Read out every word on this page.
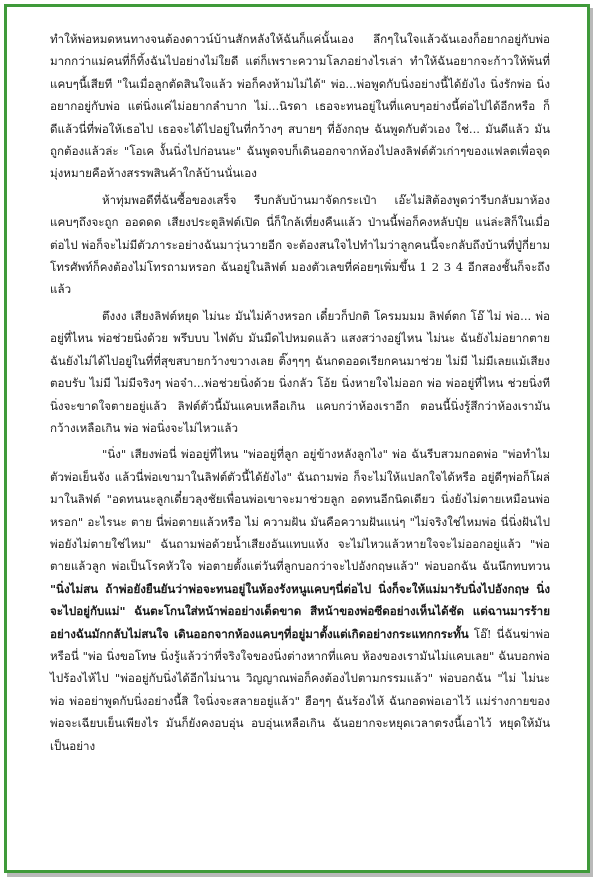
ทำให้พ่อหมดหนทางจนต้องดาวน์บ้านสักหลังให้ฉันก็แค่นั้นเอง ลึกๆในใจแล้วฉันเองก็อยากอยู่กับพ่อมากกว่าแม่คนที่ก็ทิ้งฉันไปอย่างไม่ใยดี แต่ก็เพราะความโลภอย่างไรเล่า ทำให้ฉันอยากจะก้าวให้พ้นที่แคบๆนี้เสียที "ในเมื่อลูกตัดสินใจแล้ว พ่อก็คงห้ามไม่ได้" พ่อ...พ่อพูดกับนิ่งอย่างนี้ได้ยังไง นิ่งรักพ่อ นิ่งอยากอยู่กับพ่อ แต่นิ่งแค่ไม่อยากลำบาก ไม่...นิรดา เธอจะทนอยู่ในที่แคบๆอย่างนี้ต่อไปได้อีกหรือ ก็ดีแล้วนี่ที่พ่อให้เธอไป เธอจะได้ไปอยู่ในที่กว้างๆ สบายๆ ที่อังกฤษ ฉันพูดกับตัวเอง ใช่... มันดีแล้ว มันถูกต้องแล้วล่ะ "โอเค งั้นนิ่งไปก่อนนะ" ฉันพูดจบก็เดินออกจากห้องไปลงลิฟต์ตัวเก่าๆของแฟลตเพื่อจุดมุ่งหมายคือห้างสรรพสินค้าใกล้บ้านนั่นเอง

ห้าทุ่มพอดีที่ฉันซื้อของเสร็จ รีบกลับบ้านมาจัดกระเป๋า เอ๊ะไม่สิต้องพูดว่ารีบกลับมาห้องแคบๆถึงจะถูก ออดดด เสียงประตูลิฟต์เปิด นี่ก็ใกล้เที่ยงคืนแล้ว ป่านนี้พ่อก็คงหลับปุ๋ย แน่ล่ะสิก็ในเมื่อต่อไป พ่อก็จะไม่มีตัวภาระอย่างฉันมาวุ่นวายอีก จะต้องสนใจไปทำไมว่าลูกคนนี้จะกลับถึงบ้านที่ปู่กี่ยาม โทรศัพท์ก็คงต้องไม่โทรถามหรอก ฉันอยู่ในลิฟต์ มองตัวเลขที่ค่อยๆเพิ่มขึ้น 1 2 3 4 อีกสองชั้นก็จะถึงแล้ว

ตึงงง เสียงลิฟต์หยุด ไม่นะ มันไม่ค้างหรอก เดี๋ยวก็ปกติ โครมมมม ลิฟต์ตก โอ๊ ไม่ พ่อ... พ่ออยู่ที่ไหน พ่อช่วยนิ่งด้วย พรึบบบ ไฟดับ มันมืดไปหมดแล้ว แสงสว่างอยู่ไหน ไม่นะ ฉันยังไม่อยากตาย ฉันยังไม่ได้ไปอยู่ในที่ที่สุขสบายกว้างขวางเลย ติ๊งๆๆๆ ฉันกดออดเรียกคนมาช่วย ไม่มี ไม่มีเลยแม้เสียงตอบรับ ไม่มี ไม่มีจริงๆ พ่อจ๋า...พ่อช่วยนิ่งด้วย นิ่งกลัว โอ้ย นิ่งหายใจไม่ออก พ่อ พ่ออยู่ที่ไหน ช่วยนิ่งที นิ่งจะขาดใจตายอยู่แล้ว ลิฟต์ตัวนี้มันแคบเหลือเกิน แคบกว่าห้องเราอีก ตอนนี้นิ่งรู้สึกว่าห้องเรามันกว้างเหลือเกิน พ่อ พ่อนิ่งจะไม่ไหวแล้ว

"นิ่ง" เสียงพ่อนี่ พ่ออยู่ที่ไหน "พ่ออยู่ที่ลูก อยู่ข้างหลังลูกไง" พ่อ ฉันรีบสวมกอดพ่อ "พ่อทำไมตัวพ่อเย็นจัง แล้วนี่พ่อเขามาในลิฟต์ตัวนี้ได้ยังไง" ฉันถามพ่อ ก็จะไม่ให้แปลกใจได้หรือ อยู่ดีๆพ่อก็โผล่มาในลิฟต์ "อดทนนะลูกเดี๋ยวลุงชัยเพื่อนพ่อเขาจะมาช่วยลูก อดทนอีกนิดเดียว นิ่งยังไม่ตายเหมือนพ่อหรอก" อะไรนะ ตาย นี่พ่อตายแล้วหรือ ไม่ ความฝัน มันคือความฝันแน่ๆ "ไม่จริงใช่ไหมพ่อ นี่นิ่งฝันไป พ่อยังไม่ตายใช่ไหม" ฉันถามพ่อด้วยน้ำเสียงอันแทบแห้ง จะไม่ไหวแล้วหายใจจะไม่ออกอยู่แล้ว "พ่อตายแล้วลูก พ่อเป็นโรคหัวใจ พ่อตายตั้งแต่วันที่ลูกบอกว่าจะไปอังกฤษแล้ว" พ่อบอกฉัน ฉันนึกทบทวน "นิ่งไม่สน ถ้าพ่อยังยืนยันว่าพ่อจะทนอยู่ในห้องรังหนูแคบๆนี่ต่อไป นิ่งก็จะให้แม่มารับนิ่งไปอังกฤษ นิ่งจะไปอยู่กับแม่" ฉันตะโกนใส่หน้าพ่ออย่างเด็ดขาด สีหน้าของพ่อซีดอย่างเห็นได้ชัด แต่ฉานมารร้ายอย่างฉันมักกลับไม่สนใจ เดินออกจากห้องแคบๆที่อยู่มาตั้งแต่เกิดอย่างกระแทกกระทั้น โอ๊! นี่ฉันฆ่าพ่อหรือนี่ "พ่อ นิ่งขอโทษ นิ่งรู้แล้วว่าที่จริงใจของนิ่งต่างหากที่แคบ ห้องของเรามันไม่แคบเลย" ฉันบอกพ่อไปร้องไห้ไป "พ่ออยู่กับนิ่งได้อีกไม่นาน วิญญาณพ่อก็คงต้องไปตามกรรมแล้ว" พ่อบอกฉัน "ไม่ ไม่นะพ่อ พ่ออย่าพูดกับนิ่งอย่างนี้สิ ใจนิ่งจะสลายอยู่แล้ว" ฮือๆๆ ฉันร้องไห้ ฉันกอดพ่อเอาไว้ แม่ร่างกายของพ่อจะเฉียบเย็นเพียงไร มันก็ยังคงอบอุ่น อบอุ่นเหลือเกิน ฉันอยากจะหยุดเวลาตรงนี้เอาไว้ หยุดให้มันเป็นอย่าง
